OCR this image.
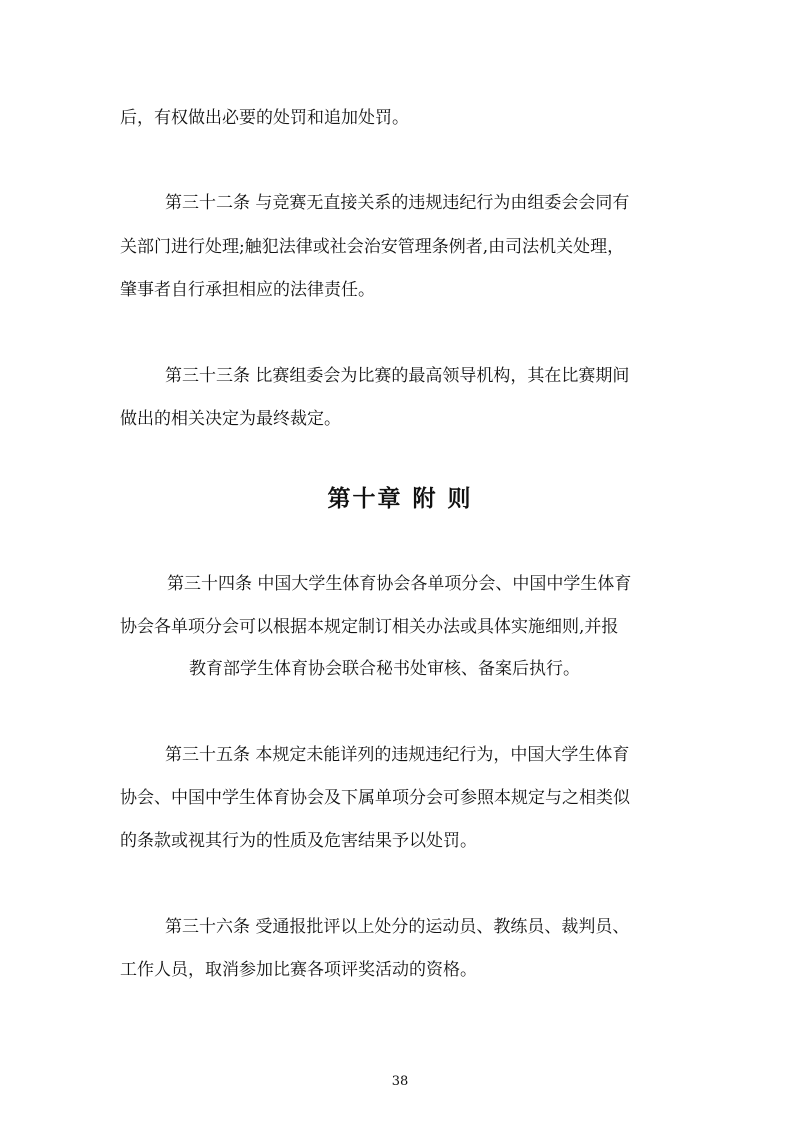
后，有权做出必要的处罚和追加处罚。
第三十二条 与竞赛无直接关系的违规违纪行为由组委会会同有
关部门进行处理;触犯法律或社会治安管理条例者,由司法机关处理，
肇事者自行承担相应的法律责任。
第三十三条 比赛组委会为比赛的最高领导机构，其在比赛期间
做出的相关决定为最终裁定。
第十章 附 则
第三十四条 中国大学生体育协会各单项分会、中国中学生体育
协会各单项分会可以根据本规定制订相关办法或具体实施细则,并报
教育部学生体育协会联合秘书处审核、备案后执行。
第三十五条 本规定未能详列的违规违纪行为，中国大学生体育
协会、中国中学生体育协会及下属单项分会可参照本规定与之相类似
的条款或视其行为的性质及危害结果予以处罚。
第三十六条 受通报批评以上处分的运动员、教练员、裁判员、
工作人员，取消参加比赛各项评奖活动的资格。
38
